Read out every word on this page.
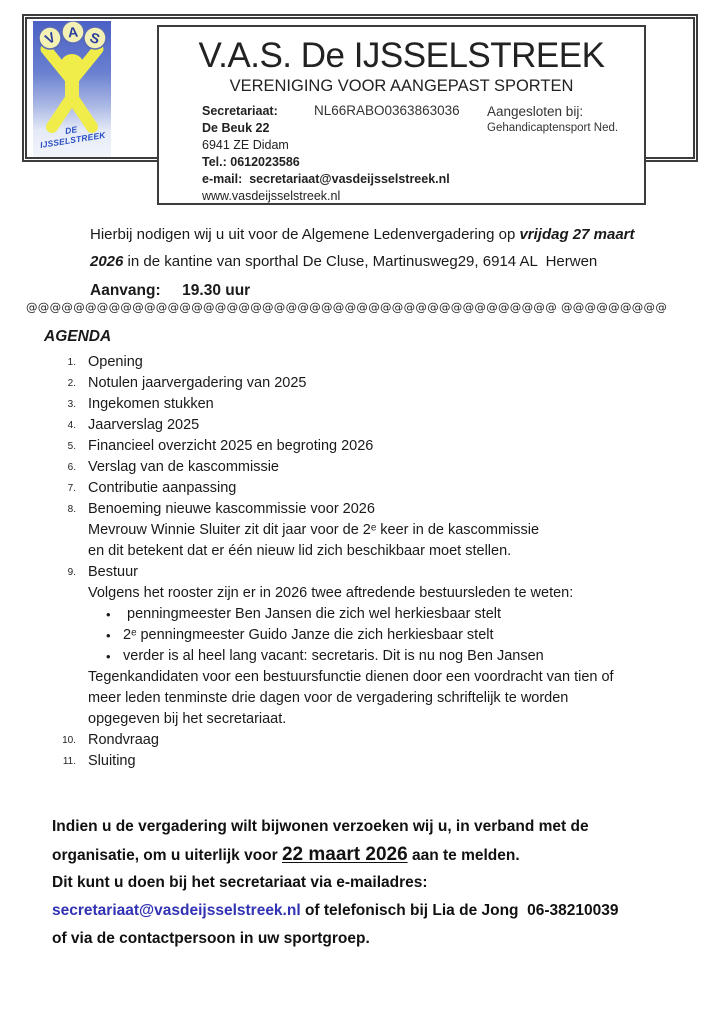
V A S
DE IJSSELSTREEK
V.A.S. De IJSSELSTREEK
VERENIGING VOOR AANGEPAST SPORTEN
Secretariaat:
De Beuk 22
6941 ZE Didam
Tel.: 0612023586
e-mail:  secretariaat@vasdeijsselstreek.nl
www.vasdeijsselstreek.nl
NL66RABO0363863036 Aangesloten bij:
Gehandicaptensport Ned.
Hierbij nodigen wij u uit voor de Algemene Ledenvergadering op vrijdag 27 maart
2026 in de kantine van sporthal De Cluse, Martinusweg29, 6914 AL  Herwen
Aanvang:     19.30 uur
@@@@@@@@@@@@@@@@@@@@@@@@@@@@@@@@@@@@@@@@@@@@@ @@@@@@@@@
AGENDA
1. Opening
2. Notulen jaarvergadering van 2025
3. Ingekomen stukken
4. Jaarverslag 2025
5. Financieel overzicht 2025 en begroting 2026
6. Verslag van de kascommissie
7. Contributie aanpassing
8. Benoeming nieuwe kascommissie voor 2026
Mevrouw Winnie Sluiter zit dit jaar voor de 2ᵉ keer in de kascommissie
en dit betekent dat er één nieuw lid zich beschikbaar moet stellen.
9. Bestuur
Volgens het rooster zijn er in 2026 twee aftredende bestuursleden te weten:
• penningmeester Ben Jansen die zich wel herkiesbaar stelt
• 2ᵉ penningmeester Guido Janze die zich herkiesbaar stelt
• verder is al heel lang vacant: secretaris. Dit is nu nog Ben Jansen
Tegenkandidaten voor een bestuursfunctie dienen door een voordracht van tien of
meer leden tenminste drie dagen voor de vergadering schriftelijk te worden
opgegeven bij het secretariaat.
10. Rondvraag
11. Sluiting
Indien u de vergadering wilt bijwonen verzoeken wij u, in verband met de
organisatie, om u uiterlijk voor 22 maart 2026 aan te melden.
Dit kunt u doen bij het secretariaat via e-mailadres:
secretariaat@vasdeijsselstreek.nl of telefonisch bij Lia de Jong  06-38210039
of via de contactpersoon in uw sportgroep.
